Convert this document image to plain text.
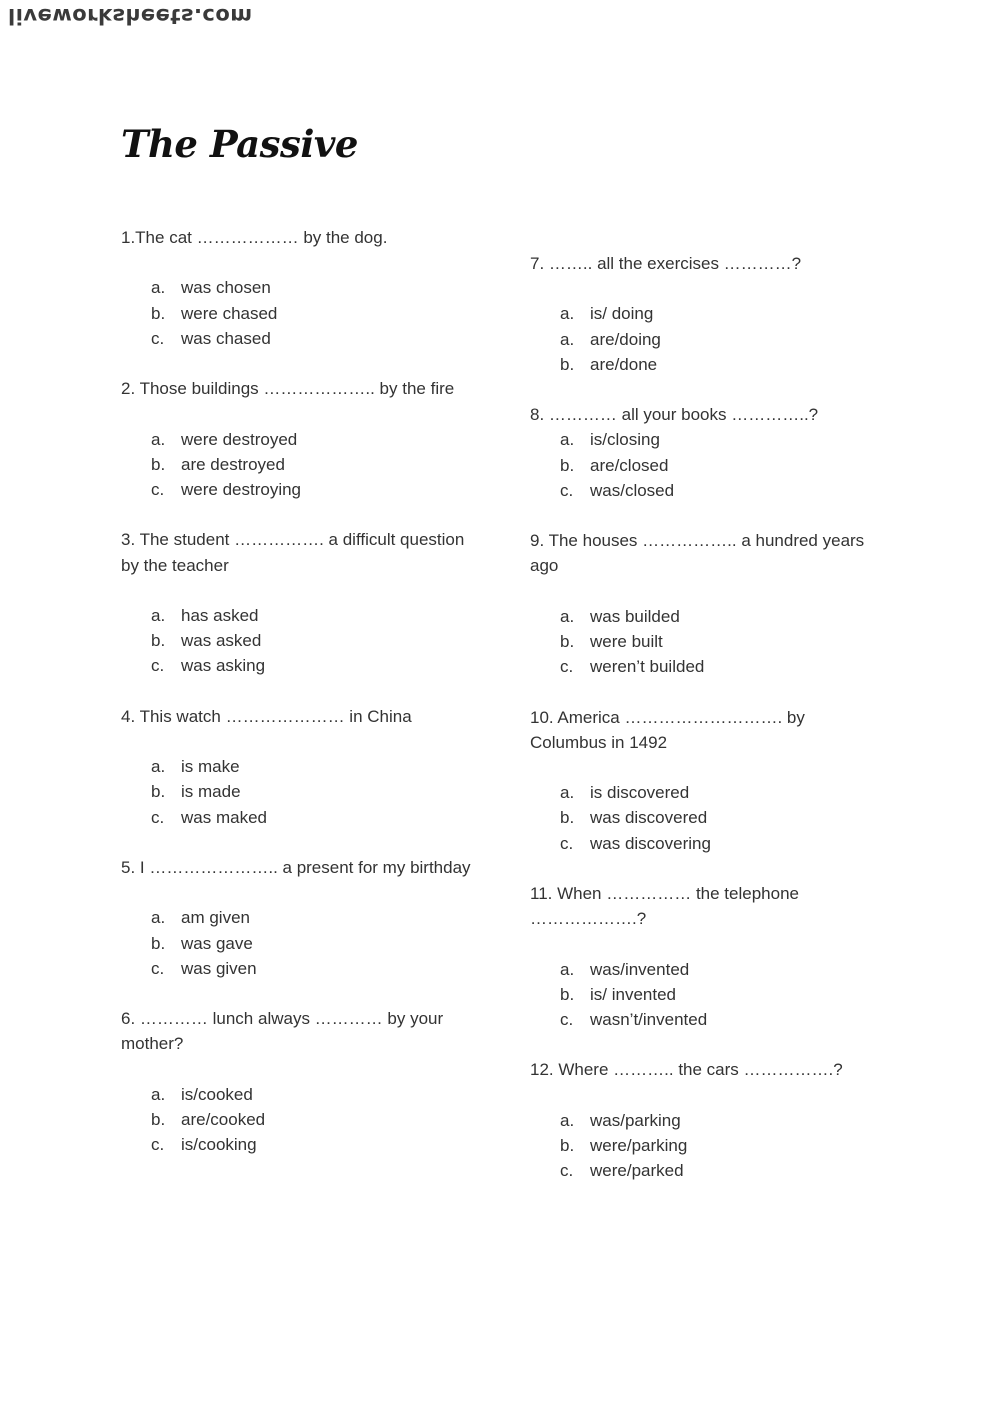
liveworksheets.com
The Passive

1.The cat ……………… by the dog.

a. was chosen
b. were chased
c. was chased

2. Those buildings ……………….. by the fire

a. were destroyed
b. are destroyed
c. were destroying

3. The student ……………. a difficult question by the teacher

a. has asked
b. was asked
c. was asking

4. This watch ………………… in China

a. is make
b. is made
c. was maked

5. I ………………….. a present for my birthday

a. am given
b. was gave
c. was given

6. ………… lunch always ………… by your mother?

a. is/cooked
b. are/cooked
c. is/cooking

7. …….. all the exercises …………?

a. is/ doing
a. are/doing
b. are/done

8. ………… all your books …………..?

a. is/closing
b. are/closed
c. was/closed

9. The houses …………….. a hundred years ago

a. was builded
b. were built
c. weren’t builded

10. America ………………………. by Columbus in 1492

a. is discovered
b. was discovered
c. was discovering

11. When …………… the telephone ……………….?

a. was/invented
b. is/ invented
c. wasn’t/invented

12. Where ……….. the cars …………….?

a. was/parking
b. were/parking
c. were/parked
